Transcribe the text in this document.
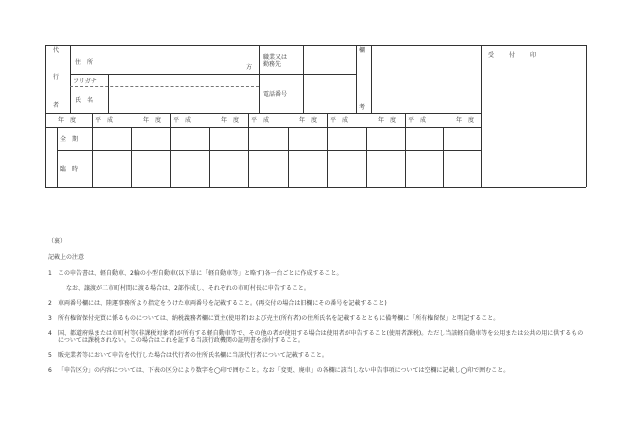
代
行
者
住　所
方
フリガナ
氏　名
職業又は
勤務先
電話番号
欄
考
受　　付　　印
年　度	平　成　　　　　年　度 平　成　　　　　年　度 平　成　　　　　年　度 平　成　　　　　年　度 平　成　　　　　年　度
全　期
臨　時
（裏）
記載上の注意
1 この申告書は、軽自動車、2輪の小型自動車(以下単に「軽自動車等」と略す)各一台ごとに作成すること。
なお、譲渡が二市町村間に渡る場合は、2部作成し、それぞれの市町村長に申告すること。
2 車両番号欄には、陸運事務所より指定をうけた車両番号を記載すること。(再交付の場合は旧欄にその番号を記載すること)
3 所有権留保付売買に係るものについては、納税義務者欄に買主(使用者)および売主(所有者)の住所氏名を記載するとともに備考欄に「所有権留保」と明記すること。
4 国、都道府県または市町村等(非課税対象者)が所有する軽自動車等で、その他の者が使用する場合は使用者が申告すること(使用者課税)。ただし当該軽自動車等を公用または公共の用に供するものについては課税されない。この場合はこれを証する当該行政機関の証明書を添付すること。
5 販売業者等において申告を代行した場合は代行者の住所氏名欄に当該代行者について記載すること。
6 「申告区分」の内容については、下表の区分により数字を◯印で囲むこと。なお「変更、廃車」の各欄に該当しない申告事項については空欄に記載し◯印で囲むこと。
